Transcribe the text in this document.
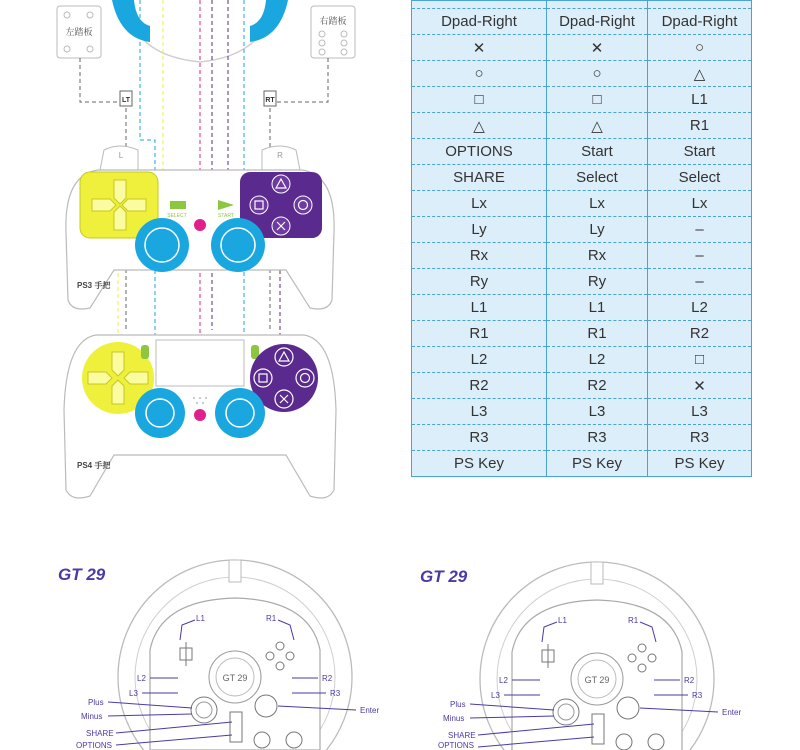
左踏板
右踏板
LT	RT
L	R
SELECT	START
PS3 手把
PS4 手把
GT 29
GT 29
L1	R1
L2	R2
L3	R3
Plus
Minus
Enter
SHARE
OPTIONS
GT 29
GT 29
L1	R1
L2	R2
L3	R3
Plus
Minus
Enter
SHARE
OPTIONS

Dpad-Right	Dpad-Right	Dpad-Right
✕	✕	○
○	○	△
□	□	L1
△	△	R1
OPTIONS	Start	Start
SHARE	Select	Select
Lx	Lx	Lx
Ly	Ly	–
Rx	Rx	–
Ry	Ry	–
L1	L1	L2
R1	R1	R2
L2	L2	□
R2	R2	✕
L3	L3	L3
R3	R3	R3
PS Key	PS Key	PS Key
